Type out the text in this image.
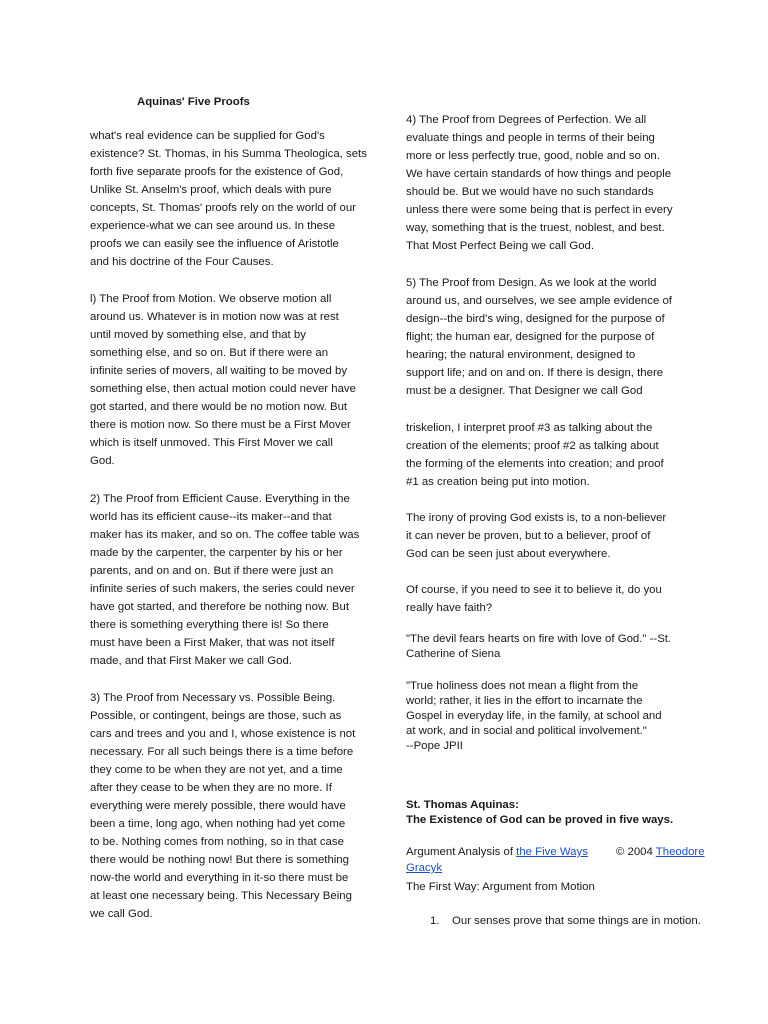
Aquinas' Five Proofs

what's real evidence can be supplied for God's
existence? St. Thomas, in his Summa Theologica, sets
forth five separate proofs for the existence of God,
Unlike St. Anselm's proof, which deals with pure
concepts, St. Thomas' proofs rely on the world of our
experience-what we can see around us. In these
proofs we can easily see the influence of Aristotle
and his doctrine of the Four Causes.

l) The Proof from Motion. We observe motion all
around us. Whatever is in motion now was at rest
until moved by something else, and that by
something else, and so on. But if there were an
infinite series of movers, all waiting to be moved by
something else, then actual motion could never have
got started, and there would be no motion now. But
there is motion now. So there must be a First Mover
which is itself unmoved. This First Mover we call
God.

2) The Proof from Efficient Cause. Everything in the
world has its efficient cause--its maker--and that
maker has its maker, and so on. The coffee table was
made by the carpenter, the carpenter by his or her
parents, and on and on. But if there were just an
infinite series of such makers, the series could never
have got started, and therefore be nothing now. But
there is something everything there is! So there
must have been a First Maker, that was not itself
made, and that First Maker we call God.

3) The Proof from Necessary vs. Possible Being.
Possible, or contingent, beings are those, such as
cars and trees and you and I, whose existence is not
necessary. For all such beings there is a time before
they come to be when they are not yet, and a time
after they cease to be when they are no more. If
everything were merely possible, there would have
been a time, long ago, when nothing had yet come
to be. Nothing comes from nothing, so in that case
there would be nothing now! But there is something
now-the world and everything in it-so there must be
at least one necessary being. This Necessary Being
we call God.

4) The Proof from Degrees of Perfection. We all
evaluate things and people in terms of their being
more or less perfectly true, good, noble and so on.
We have certain standards of how things and people
should be. But we would have no such standards
unless there were some being that is perfect in every
way, something that is the truest, noblest, and best.
That Most Perfect Being we call God.

5) The Proof from Design. As we look at the world
around us, and ourselves, we see ample evidence of
design--the bird's wing, designed for the purpose of
flight; the human ear, designed for the purpose of
hearing; the natural environment, designed to
support life; and on and on. If there is design, there
must be a designer. That Designer we call God

triskelion, I interpret proof #3 as talking about the
creation of the elements; proof #2 as talking about
the forming of the elements into creation; and proof
#1 as creation being put into motion.

The irony of proving God exists is, to a non-believer
it can never be proven, but to a believer, proof of
God can be seen just about everywhere.

Of course, if you need to see it to believe it, do you
really have faith?

"The devil fears hearts on fire with love of God." --St.
Catherine of Siena

"True holiness does not mean a flight from the
world; rather, it lies in the effort to incarnate the
Gospel in everyday life, in the family, at school and
at work, and in social and political involvement."
--Pope JPII

St. Thomas Aquinas:

The Existence of God can be proved in five ways.

Argument Analysis of the Five Ways © 2004 Theodore

Gracyk

The First Way: Argument from Motion

1. Our senses prove that some things are in motion.
